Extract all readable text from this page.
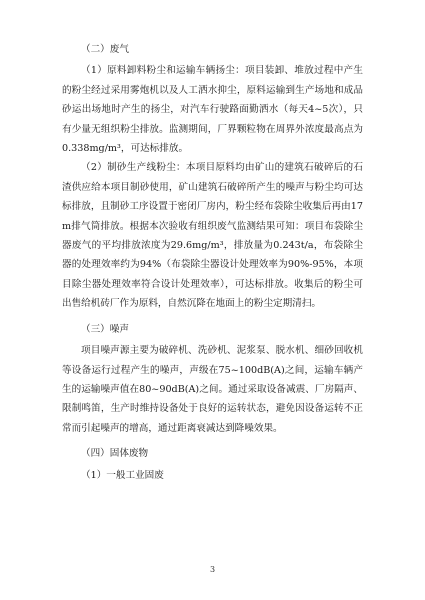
（二）废气

（1）原料卸料粉尘和运输车辆扬尘：项目装卸、堆放过程中产生的粉尘经过采用雾炮机以及人工洒水抑尘，原料运输到生产场地和成品砂运出场地时产生的扬尘，对汽车行驶路面勤洒水（每天4~5次），只有少量无组织粉尘排放。监测期间，厂界颗粒物在周界外浓度最高点为0.338mg/m³，可达标排放。

（2）制砂生产线粉尘：本项目原料均由矿山的建筑石破碎后的石渣供应给本项目制砂使用，矿山建筑石破碎所产生的噪声与粉尘均可达标排放，且制砂工序设置于密闭厂房内，粉尘经布袋除尘收集后再由17m排气筒排放。根据本次验收有组织废气监测结果可知：项目布袋除尘器废气的平均排放浓度为29.6mg/m³，排放量为0.243t/a，布袋除尘器的处理效率约为94%（布袋除尘器设计处理效率为90%-95%，本项目除尘器处理效率符合设计处理效率），可达标排放。收集后的粉尘可出售给机砖厂作为原料，自然沉降在地面上的粉尘定期清扫。

（三）噪声

项目噪声源主要为破碎机、洗砂机、泥浆泵、脱水机、细砂回收机等设备运行过程产生的噪声，声级在75~100dB(A)之间，运输车辆产生的运输噪声值在80~90dB(A)之间。通过采取设备减震、厂房隔声、限制鸣笛，生产时维持设备处于良好的运转状态，避免因设备运转不正常而引起噪声的增高，通过距离衰减达到降噪效果。

（四）固体废物

（1）一般工业固废

3
